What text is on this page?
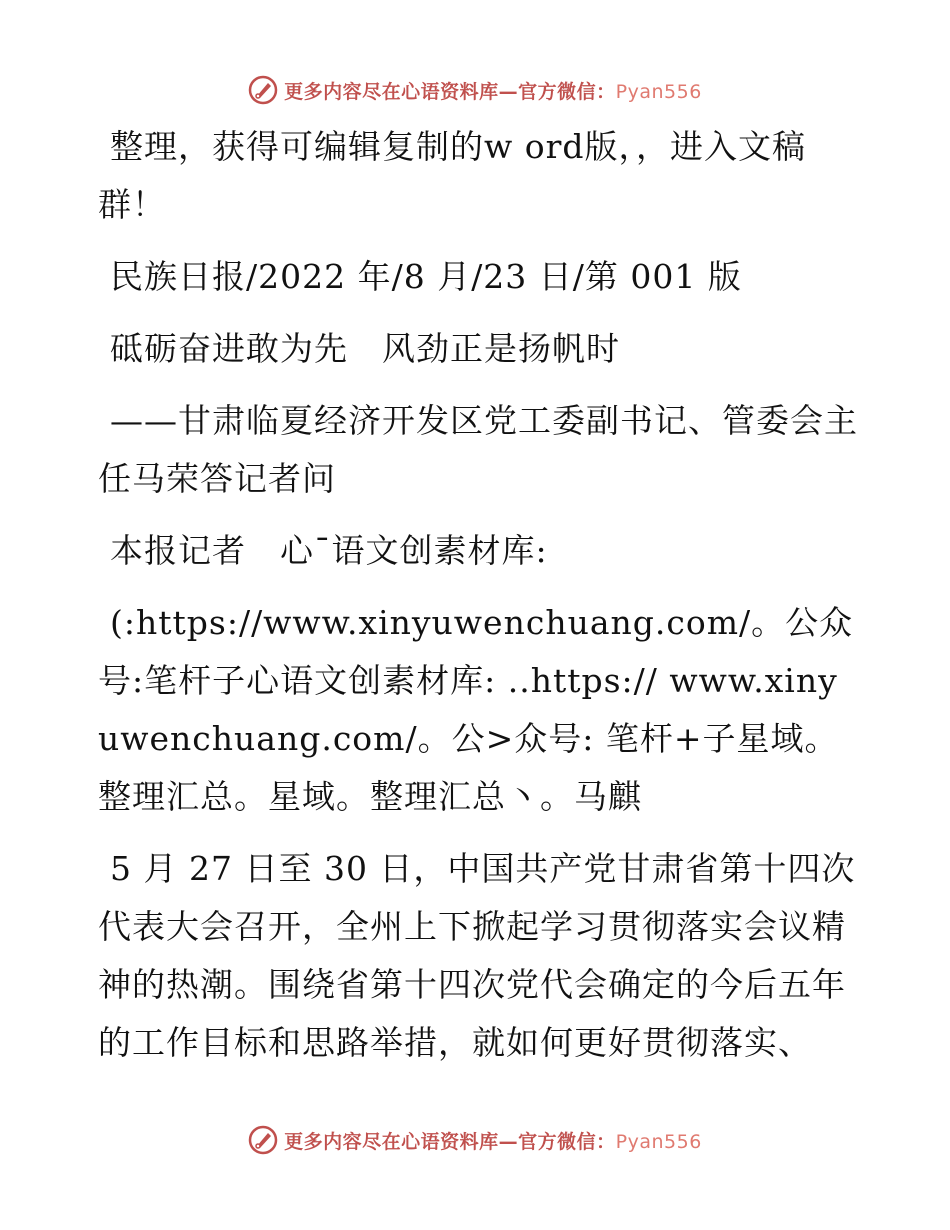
更多内容尽在心语资料库—官方微信：Pyan556

整理，获得可编辑复制的w ord版，，进入文稿群！

民族日报/2022 年/8 月/23 日/第 001 版

砥砺奋进敢为先　风劲正是扬帆时

——甘肃临夏经济开发区党工委副书记、管委会主任马荣答记者问

本报记者　心¯语文创素材库:

(:https://www.xinyuwenchuang.com/。公众号:笔杆子心语文创素材库: ..https:// www.xinyuwenchuang.com/。公>众号: 笔杆+子星域。整理汇总。星域。整理汇总丶。马麒

5 月 27 日至 30 日，中国共产党甘肃省第十四次代表大会召开，全州上下掀起学习贯彻落实会议精神的热潮。围绕省第十四次党代会确定的今后五年的工作目标和思路举措，就如何更好贯彻落实、

更多内容尽在心语资料库—官方微信：Pyan556
